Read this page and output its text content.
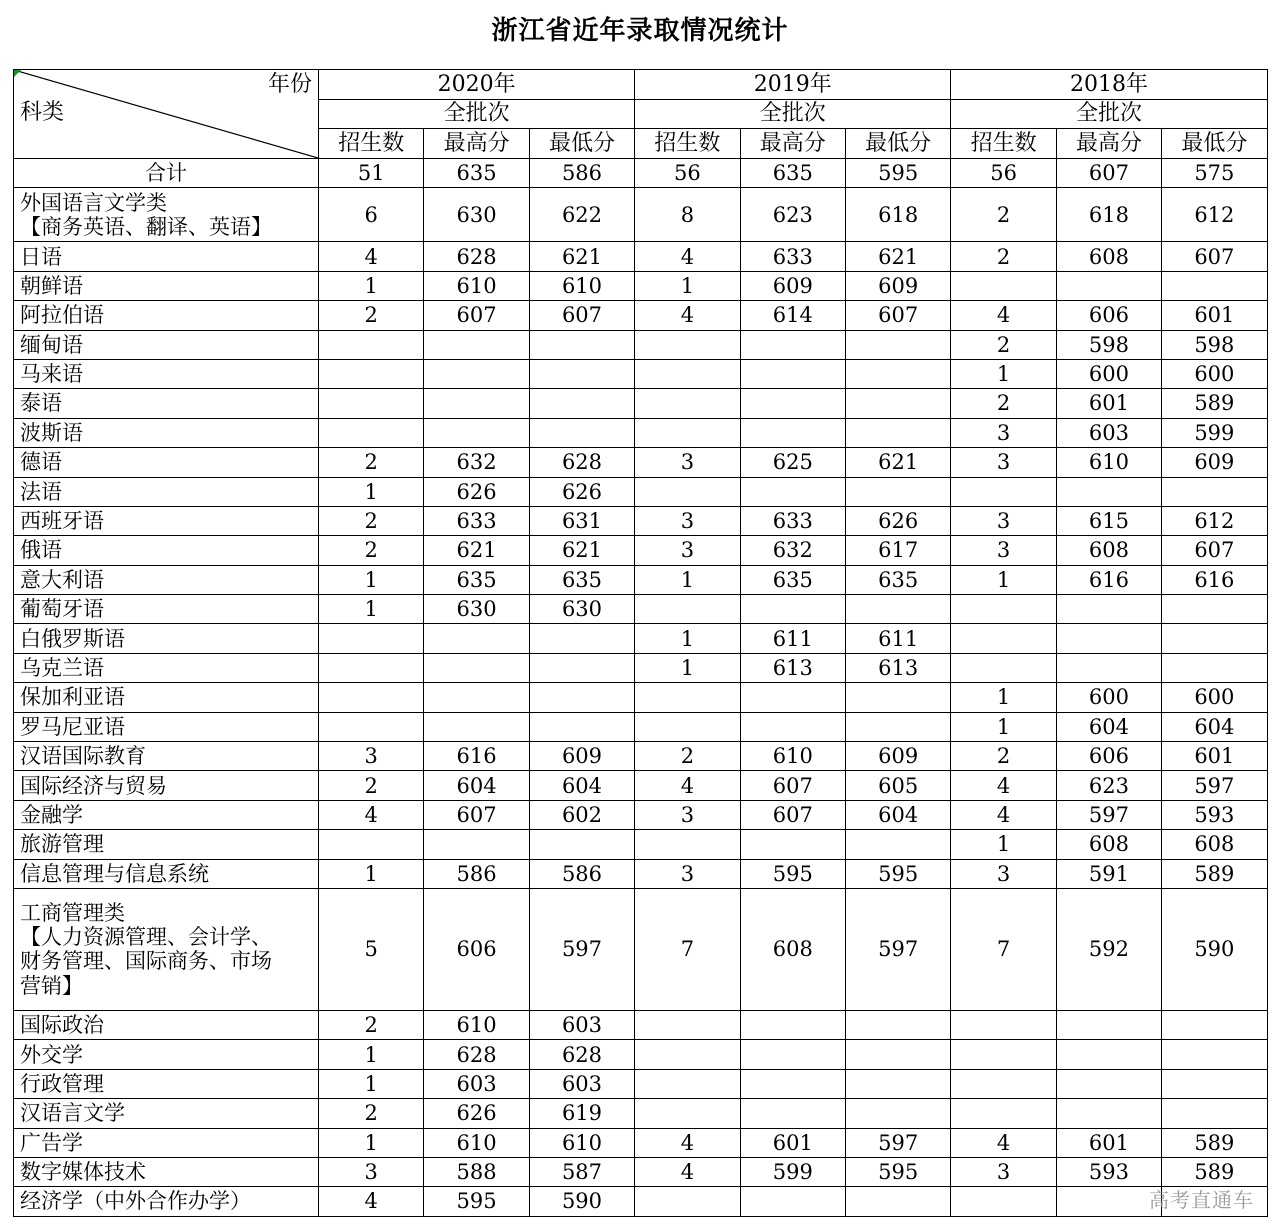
浙江省近年录取情况统计
年份
科类	2020年			2019年			2018年		
	全批次			全批次			全批次		
	招生数	最高分	最低分	招生数	最高分	最低分	招生数	最高分	最低分
合计	51	635	586	56	635	595	56	607	575
外国语言文学类
【商务英语、翻译、英语】	6	630	622	8	623	618	2	618	612
日语	4	628	621	4	633	621	2	608	607
朝鲜语	1	610	610	1	609	609			
阿拉伯语	2	607	607	4	614	607	4	606	601
缅甸语							2	598	598
马来语							1	600	600
泰语							2	601	589
波斯语							3	603	599
德语	2	632	628	3	625	621	3	610	609
法语	1	626	626						
西班牙语	2	633	631	3	633	626	3	615	612
俄语	2	621	621	3	632	617	3	608	607
意大利语	1	635	635	1	635	635	1	616	616
葡萄牙语	1	630	630						
白俄罗斯语				1	611	611			
乌克兰语				1	613	613			
保加利亚语							1	600	600
罗马尼亚语							1	604	604
汉语国际教育	3	616	609	2	610	609	2	606	601
国际经济与贸易	2	604	604	4	607	605	4	623	597
金融学	4	607	602	3	607	604	4	597	593
旅游管理							1	608	608
信息管理与信息系统	1	586	586	3	595	595	3	591	589
工商管理类
【人力资源管理、会计学、
财务管理、国际商务、市场
营销】	5	606	597	7	608	597	7	592	590
国际政治	2	610	603						
外交学	1	628	628						
行政管理	1	603	603						
汉语言文学	2	626	619						
广告学	1	610	610	4	601	597	4	601	589
数字媒体技术	3	588	587	4	599	595	3	593	589
经济学（中外合作办学）	4	595	590							高考直通车
